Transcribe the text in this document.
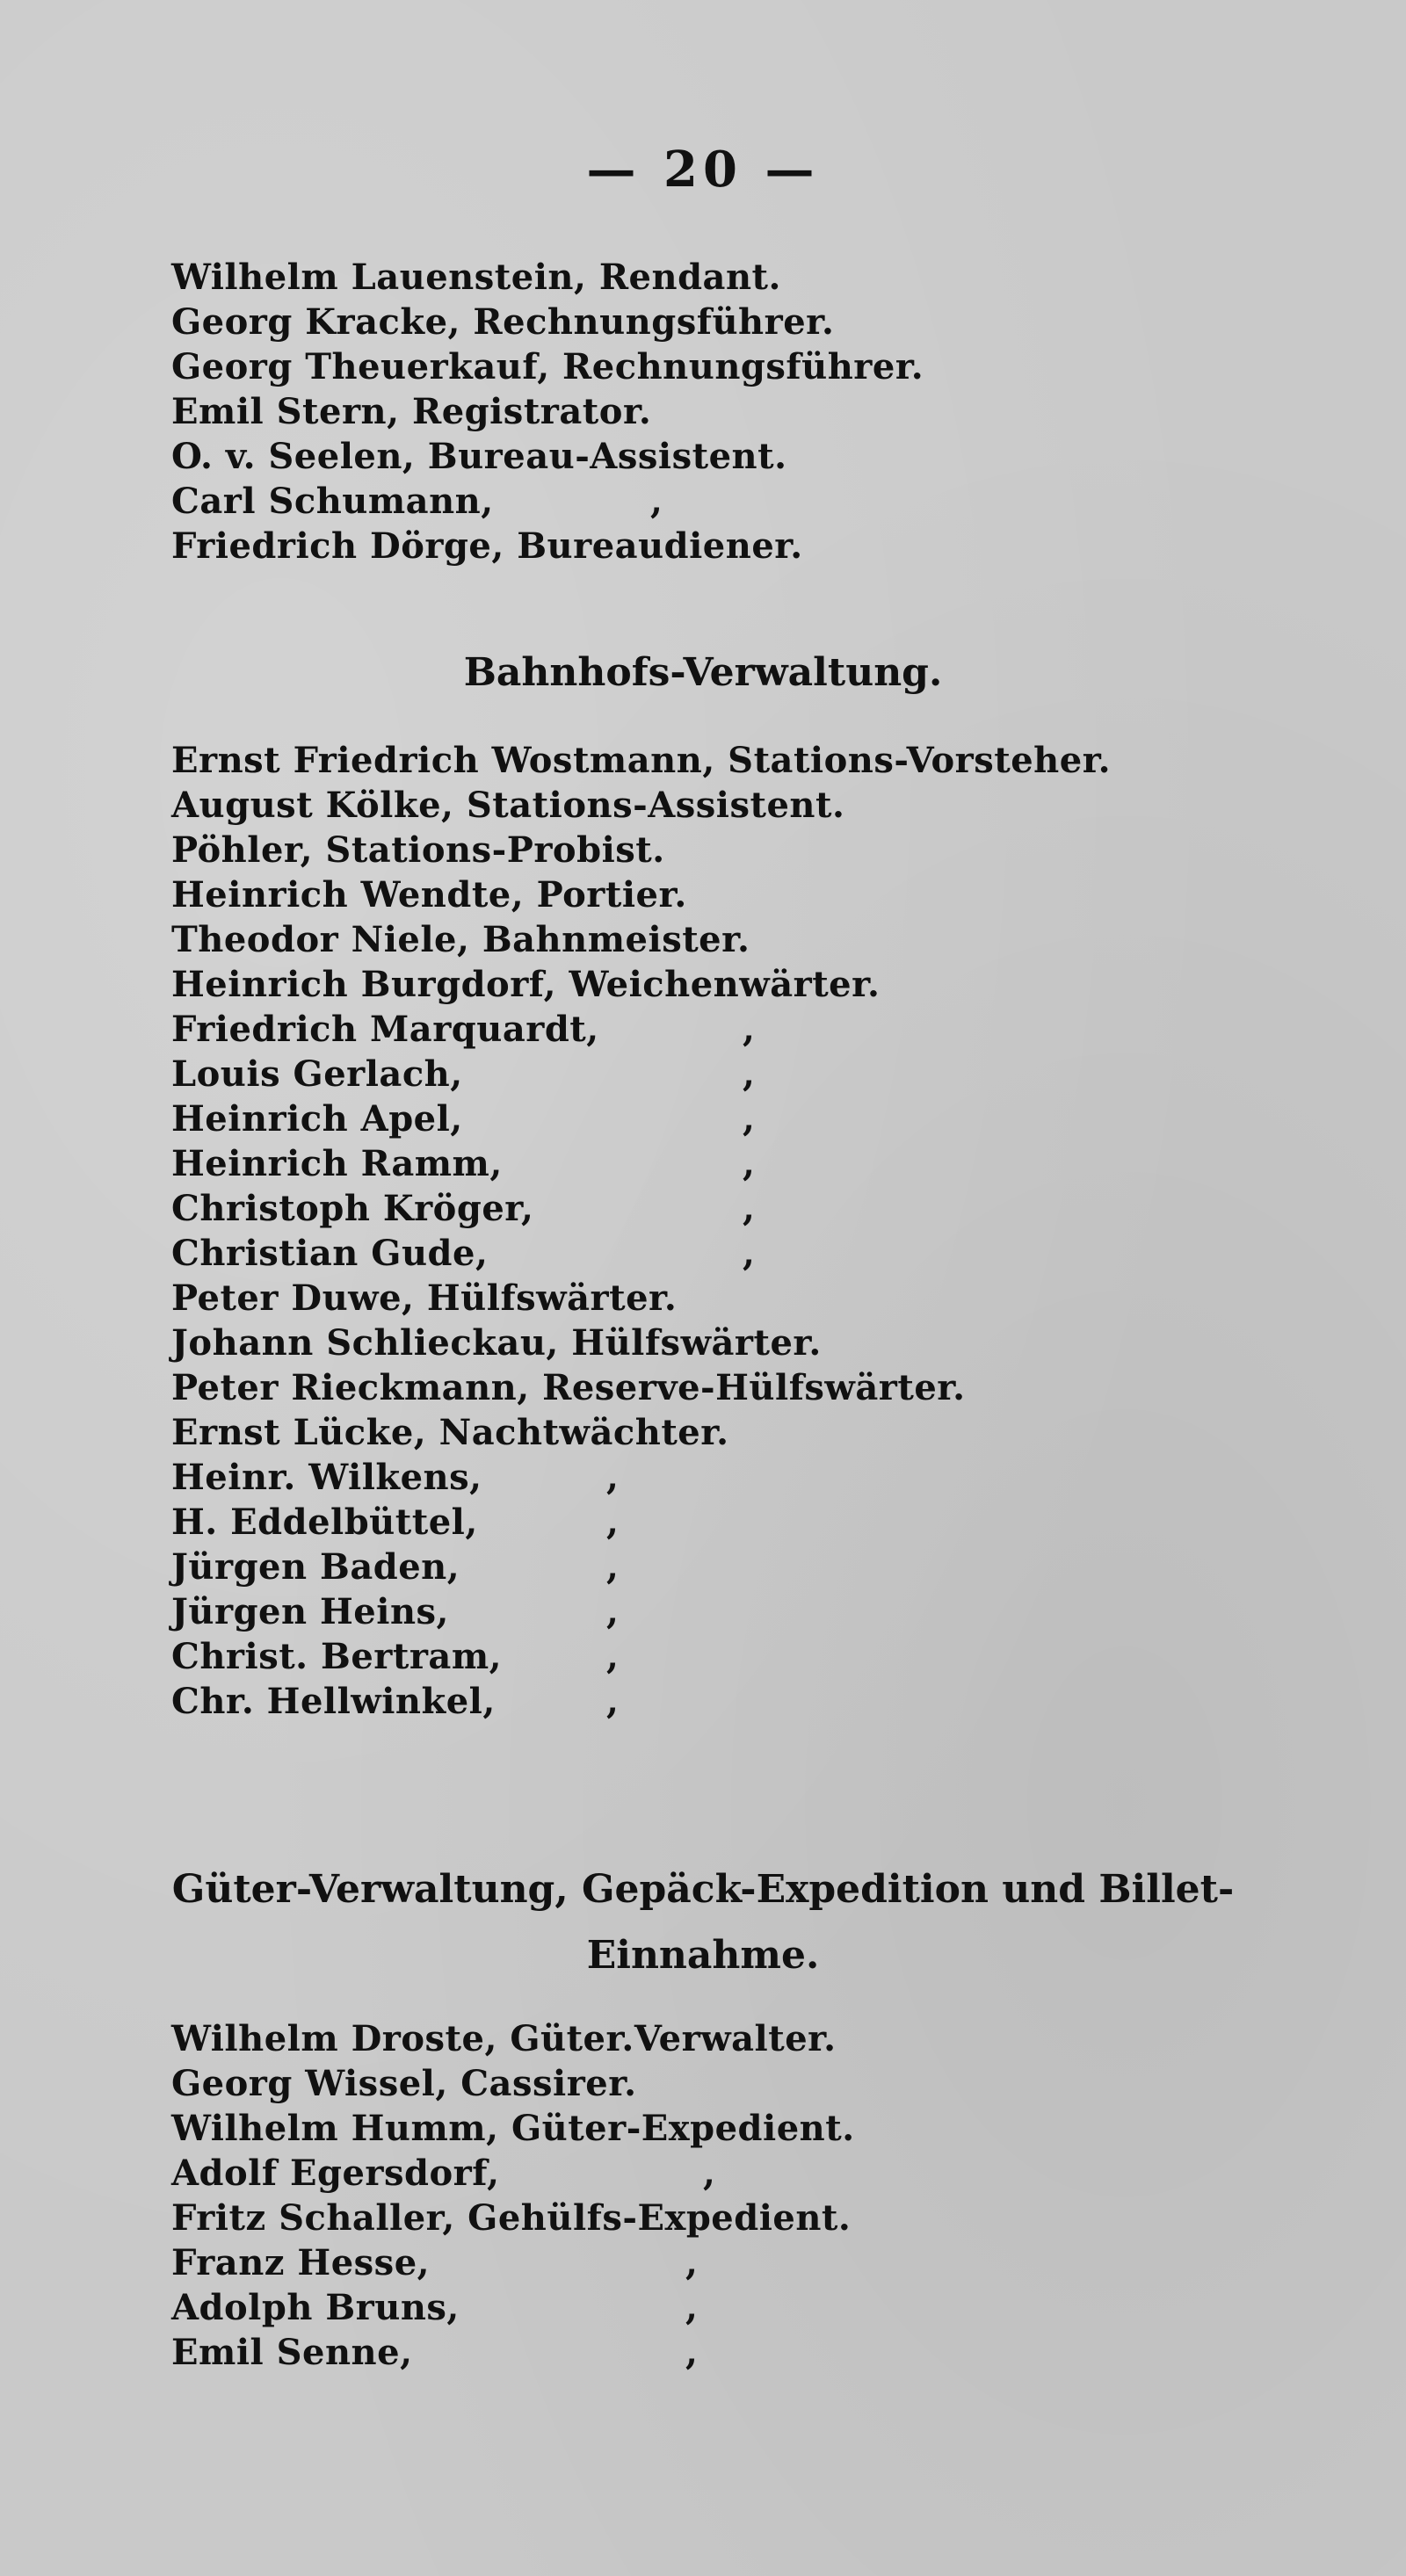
— 20 —
Wilhelm Lauenstein, Rendant.
Georg Kracke, Rechnungsführer.
Georg Theuerkauf, Rechnungsführer.
Emil Stern, Registrator.
O. v. Seelen, Bureau-Assistent.
Carl Schumann,	,
Friedrich Dörge, Bureaudiener.
Bahnhofs-Verwaltung.
Ernst Friedrich Wostmann, Stations-Vorsteher.
August Kölke, Stations-Assistent.
Pöhler, Stations-Probist.
Heinrich Wendte, Portier.
Theodor Niele, Bahnmeister.
Heinrich Burgdorf, Weichenwärter.
Friedrich Marquardt,	,
Louis Gerlach,	,
Heinrich Apel,	,
Heinrich Ramm,	,
Christoph Kröger,	,
Christian Gude,	,
Peter Duwe, Hülfswärter.
Johann Schlieckau, Hülfswärter.
Peter Rieckmann, Reserve-Hülfswärter.
Ernst Lücke, Nachtwächter.
Heinr. Wilkens,	,
H. Eddelbüttel,	,
Jürgen Baden,	,
Jürgen Heins,	,
Christ. Bertram,	,
Chr. Hellwinkel,	,
Güter-Verwaltung, Gepäck-Expedition und Billet-
Einnahme.
Wilhelm Droste, Güter.Verwalter.
Georg Wissel, Cassirer.
Wilhelm Humm, Güter-Expedient.
Adolf Egersdorf,	,
Fritz Schaller, Gehülfs-Expedient.
Franz Hesse,	,
Adolph Bruns,	,
Emil Senne,	,
